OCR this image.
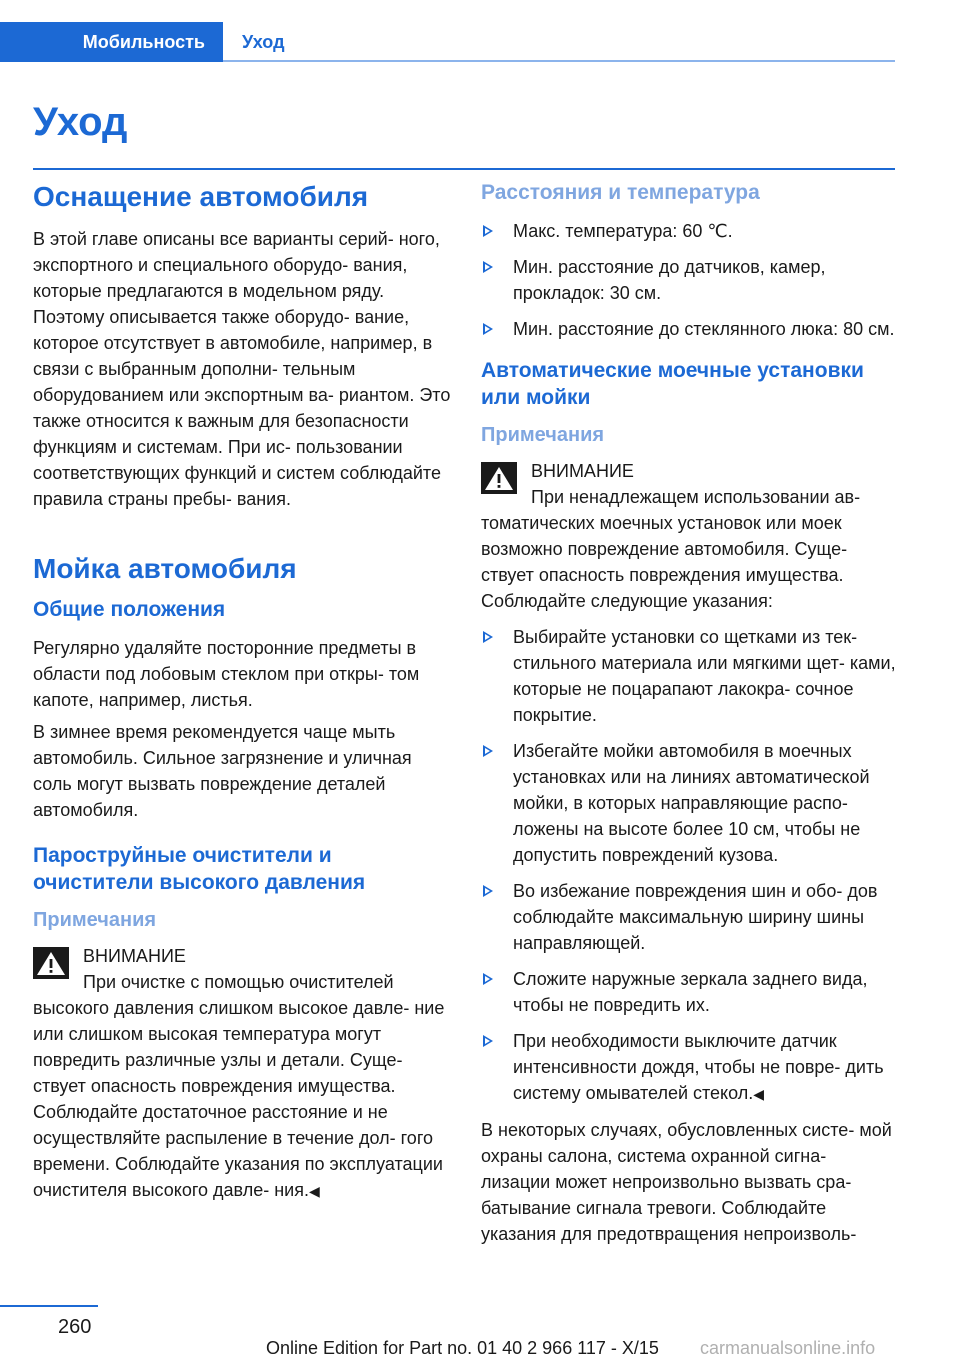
Мобильность	Уход
Уход
Оснащение автомобиля

В этой главе описаны все варианты серий- ного, экспортного и специального оборудо- вания, которые предлагаются в модельном ряду. Поэтому описывается также оборудо- вание, которое отсутствует в автомобиле, например, в связи с выбранным дополни- тельным оборудованием или экспортным ва- риантом. Это также относится к важным для безопасности функциям и системам. При ис- пользовании соответствующих функций и систем соблюдайте правила страны пребы- вания.

Мойка автомобиля
Общие положения

Регулярно удаляйте посторонние предметы в области под лобовым стеклом при откры- том капоте, например, листья.

В зимнее время рекомендуется чаще мыть автомобиль. Сильное загрязнение и уличная соль могут вызвать повреждение деталей автомобиля.

Пароструйные очистители и очистители высокого давления
Примечания

ВНИМАНИЕ

При очистке с помощью очистителей высокого давления слишком высокое давле- ние или слишком высокая температура могут повредить различные узлы и детали. Суще- ствует опасность повреждения имущества. Соблюдайте достаточное расстояние и не осуществляйте распыление в течение дол- гого времени. Соблюдайте указания по эксплуатации очистителя высокого давле- ния.◀

Расстояния и температура
Макс. температура: 60 ℃.
Мин. расстояние до датчиков, камер, прокладок: 30 см.
Мин. расстояние до стеклянного люка: 80 см.
Автоматические моечные установки или мойки
Примечания

ВНИМАНИЕ

При ненадлежащем использовании ав- томатических моечных установок или моек возможно повреждение автомобиля. Суще- ствует опасность повреждения имущества. Соблюдайте следующие указания:

Выбирайте установки со щетками из тек- стильного материала или мягкими щет- ками, которые не поцарапают лакокра- сочное покрытие.
Избегайте мойки автомобиля в моечных установках или на линиях автоматической мойки, в которых направляющие распо- ложены на высоте более 10 см, чтобы не допустить повреждений кузова.
Во избежание повреждения шин и обо- дов соблюдайте максимальную ширину шины направляющей.
Сложите наружные зеркала заднего вида, чтобы не повредить их.
При необходимости выключите датчик интенсивности дождя, чтобы не повре- дить систему омывателей стекол.◀

В некоторых случаях, обусловленных систе- мой охраны салона, система охранной сигна- лизации может непроизвольно вызвать сра- батывание сигнала тревоги. Соблюдайте указания для предотвращения непроизволь-

260
Online Edition for Part no. 01 40 2 966 117 - X/15 carmanualsonline.info
